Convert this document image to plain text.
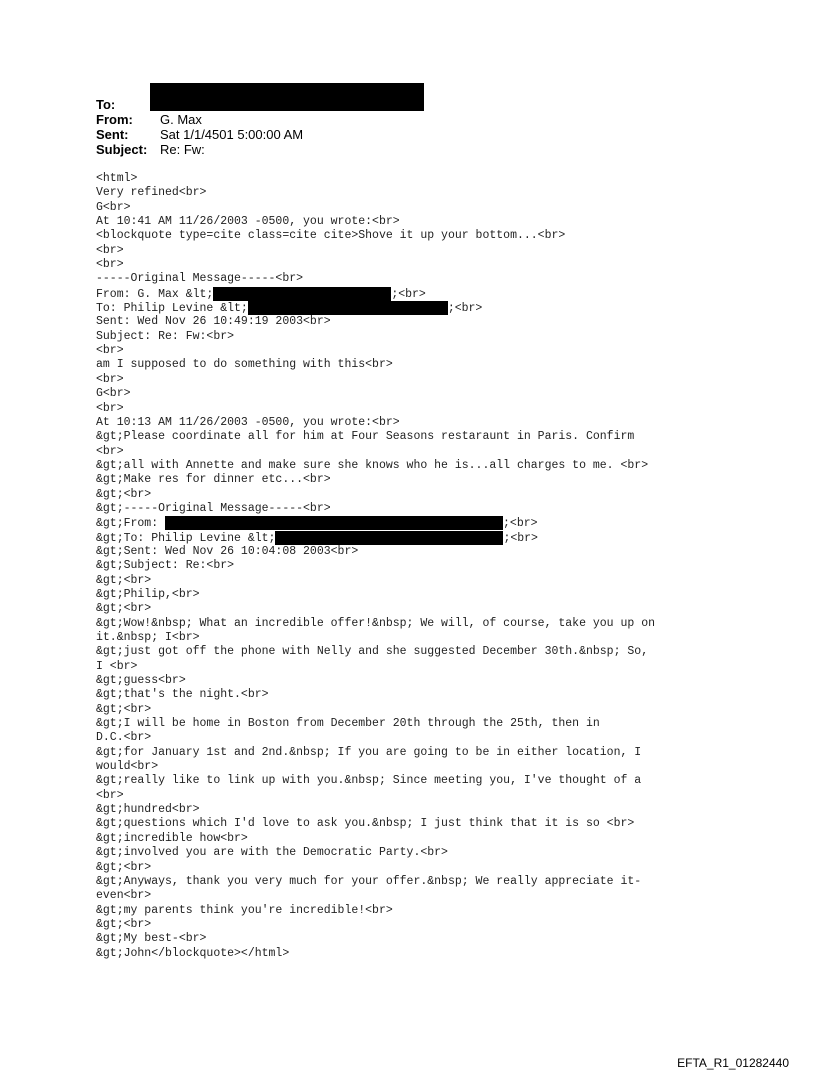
To:
From: G. Max
Sent: Sat 1/1/4501 5:00:00 AM
Subject: Re: Fw:
<html>
Very refined<br>
G<br>
At 10:41 AM 11/26/2003 -0500, you wrote:<br>
<blockquote type=cite class=cite cite>Shove it up your bottom...<br>
<br>
<br>
-----Original Message-----<br>
From: G. Max &lt;	;<br>
To: Philip Levine &lt;	;<br>
Sent: Wed Nov 26 10:49:19 2003<br>
Subject: Re: Fw:<br>
<br>
am I supposed to do something with this<br>
<br>
G<br>
<br>
At 10:13 AM 11/26/2003 -0500, you wrote:<br>
&gt;Please coordinate all for him at Four Seasons restaraunt in Paris. Confirm
<br>
&gt;all with Annette and make sure she knows who he is...all charges to me. <br>
&gt;Make res for dinner etc...<br>
&gt;<br>
&gt;-----Original Message-----<br>
&gt;From:	;<br>
&gt;To: Philip Levine &lt;	;<br>
&gt;Sent: Wed Nov 26 10:04:08 2003<br>
&gt;Subject: Re:<br>
&gt;<br>
&gt;Philip,<br>
&gt;<br>
&gt;Wow!&nbsp; What an incredible offer!&nbsp; We will, of course, take you up on
it.&nbsp; I<br>
&gt;just got off the phone with Nelly and she suggested December 30th.&nbsp; So,
I <br>
&gt;guess<br>
&gt;that's the night.<br>
&gt;<br>
&gt;I will be home in Boston from December 20th through the 25th, then in
D.C.<br>
&gt;for January 1st and 2nd.&nbsp; If you are going to be in either location, I
would<br>
&gt;really like to link up with you.&nbsp; Since meeting you, I've thought of a
<br>
&gt;hundred<br>
&gt;questions which I'd love to ask you.&nbsp; I just think that it is so <br>
&gt;incredible how<br>
&gt;involved you are with the Democratic Party.<br>
&gt;<br>
&gt;Anyways, thank you very much for your offer.&nbsp; We really appreciate it-
even<br>
&gt;my parents think you're incredible!<br>
&gt;<br>
&gt;My best-<br>
&gt;John</blockquote></html>
EFTA_R1_01282440
